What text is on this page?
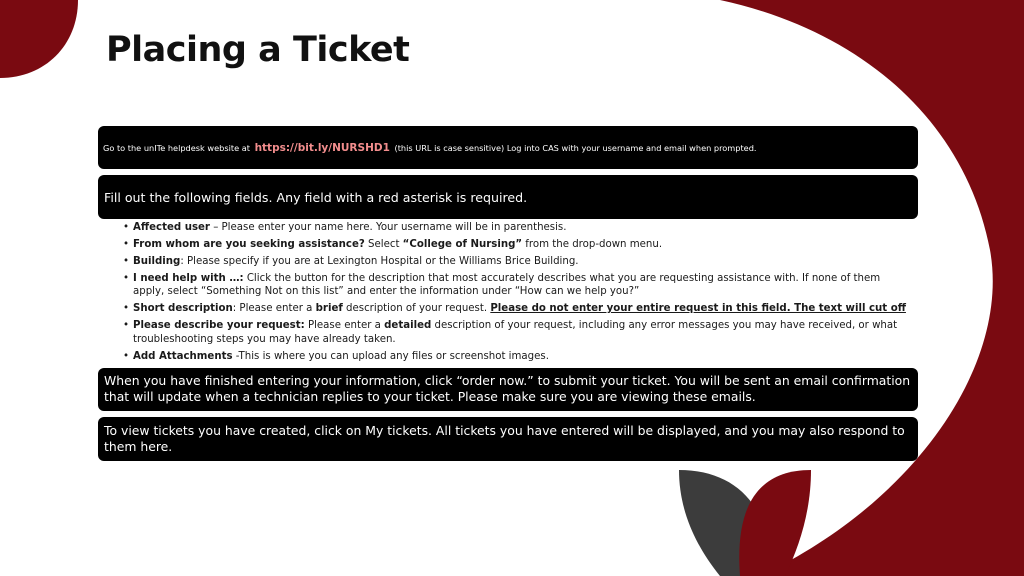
Placing a Ticket
Go to the unITe helpdesk website at
https://bit.ly/NURSHD1
(this URL is case sensitive) Log into CAS with your username and email when prompted.
Fill out the following fields. Any field with a red asterisk is required.
• Affected user – Please enter your name here. Your username will be in parenthesis.
• From whom are you seeking assistance? Select “College of Nursing” from the drop-down menu.
• Building: Please specify if you are at Lexington Hospital or the Williams Brice Building.
• I need help with …: Click the button for the description that most accurately describes what you are requesting assistance with. If none of them apply, select “Something Not on this list” and enter the information under “How can we help you?”
• Short description: Please enter a brief description of your request. Please do not enter your entire request in this field. The text will cut off
• Please describe your request: Please enter a detailed description of your request, including any error messages you may have received, or what troubleshooting steps you may have already taken.
• Add Attachments -This is where you can upload any files or screenshot images.
When you have finished entering your information, click “order now.” to submit your ticket. You will be sent an email confirmation that will update when a technician replies to your ticket. Please make sure you are viewing these emails.
To view tickets you have created, click on My tickets. All tickets you have entered will be displayed, and you may also respond to them here.
